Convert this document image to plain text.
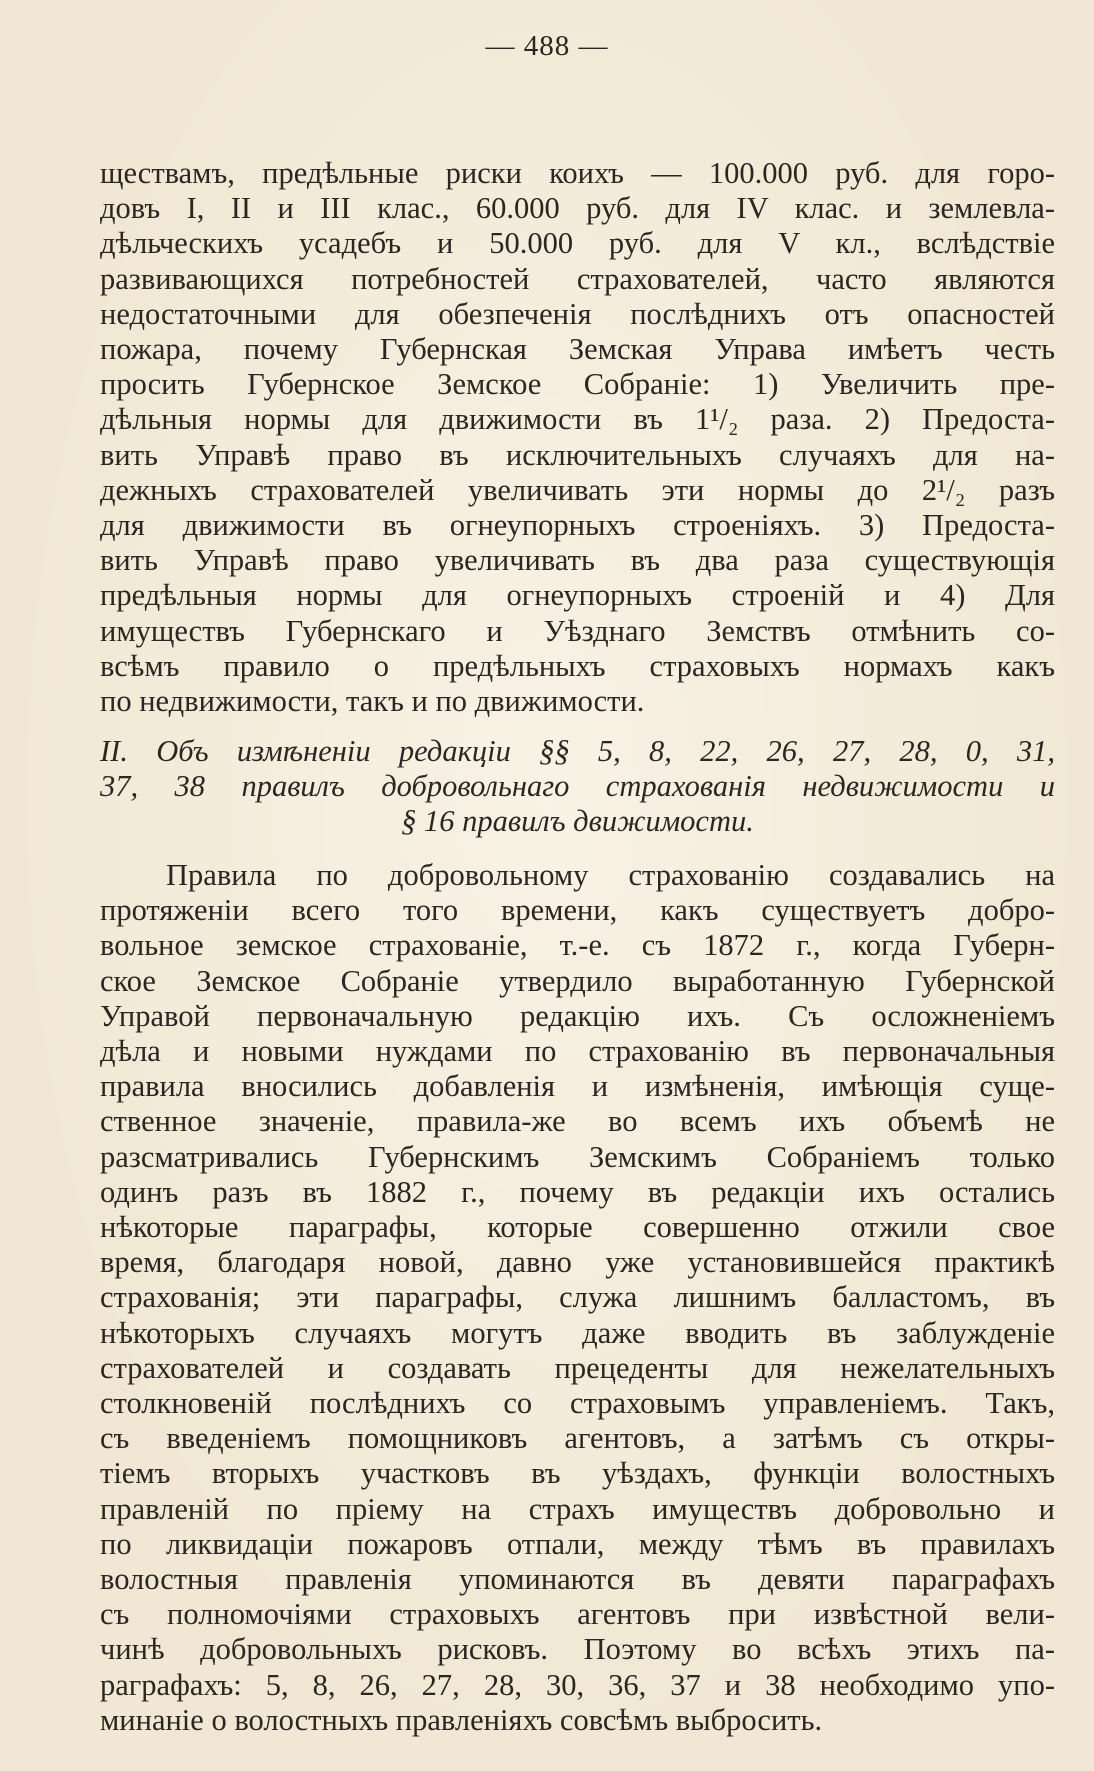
— 488 —
ществамъ, предѣльные риски коихъ — 100.000 руб. для горо-
довъ I, II и III клас., 60.000 руб. для IV клас. и землевла-
дѣльческихъ усадебъ и 50.000 руб. для V кл., вслѣдствіе
развивающихся потребностей страхователей, часто являются
недостаточными для обезпеченія послѣднихъ отъ опасностей
пожара, почему Губернская Земская Управа имѣетъ честь
просить Губернское Земское Собраніе: 1) Увеличить пре-
дѣльныя нормы для движимости въ 1¹/₂ раза. 2) Предоста-
вить Управѣ право въ исключительныхъ случаяхъ для на-
дежныхъ страхователей увеличивать эти нормы до 2¹/₂ разъ
для движимости въ огнеупорныхъ строеніяхъ. 3) Предоста-
вить Управѣ право увеличивать въ два раза существующія
предѣльныя нормы для огнеупорныхъ строеній и 4) Для
имуществъ Губернскаго и Уѣзднаго Земствъ отмѣнить со-
всѣмъ правило о предѣльныхъ страховыхъ нормахъ какъ
по недвижимости, такъ и по движимости.
II. Объ измѣненіи редакціи §§ 5, 8, 22, 26, 27, 28, 0, 31,
37, 38 правилъ добровольнаго страхованія недвижимости и
§ 16 правилъ движимости.
Правила по добровольному страхованію создавались на
протяженіи всего того времени, какъ существуетъ добро-
вольное земское страхованіе, т.-е. съ 1872 г., когда Губерн-
ское Земское Собраніе утвердило выработанную Губернской
Управой первоначальную редакцію ихъ. Съ осложненіемъ
дѣла и новыми нуждами по страхованію въ первоначальныя
правила вносились добавленія и измѣненія, имѣющія суще-
ственное значеніе, правила-же во всемъ ихъ объемѣ не
разсматривались Губернскимъ Земскимъ Собраніемъ только
одинъ разъ въ 1882 г., почему въ редакціи ихъ остались
нѣкоторые параграфы, которые совершенно отжили свое
время, благодаря новой, давно уже установившейся практикѣ
страхованія; эти параграфы, служа лишнимъ балластомъ, въ
нѣкоторыхъ случаяхъ могутъ даже вводить въ заблужденіе
страхователей и создавать прецеденты для нежелательныхъ
столкновеній послѣднихъ со страховымъ управленіемъ. Такъ,
съ введеніемъ помощниковъ агентовъ, а затѣмъ съ откры-
тіемъ вторыхъ участковъ въ уѣздахъ, функціи волостныхъ
правленій по пріему на страхъ имуществъ добровольно и
по ликвидаціи пожаровъ отпали, между тѣмъ въ правилахъ
волостныя правленія упоминаются въ девяти параграфахъ
съ полномочіями страховыхъ агентовъ при извѣстной вели-
чинѣ добровольныхъ рисковъ. Поэтому во всѣхъ этихъ па-
раграфахъ: 5, 8, 26, 27, 28, 30, 36, 37 и 38 необходимо упо-
минаніе о волостныхъ правленіяхъ совсѣмъ выбросить.
